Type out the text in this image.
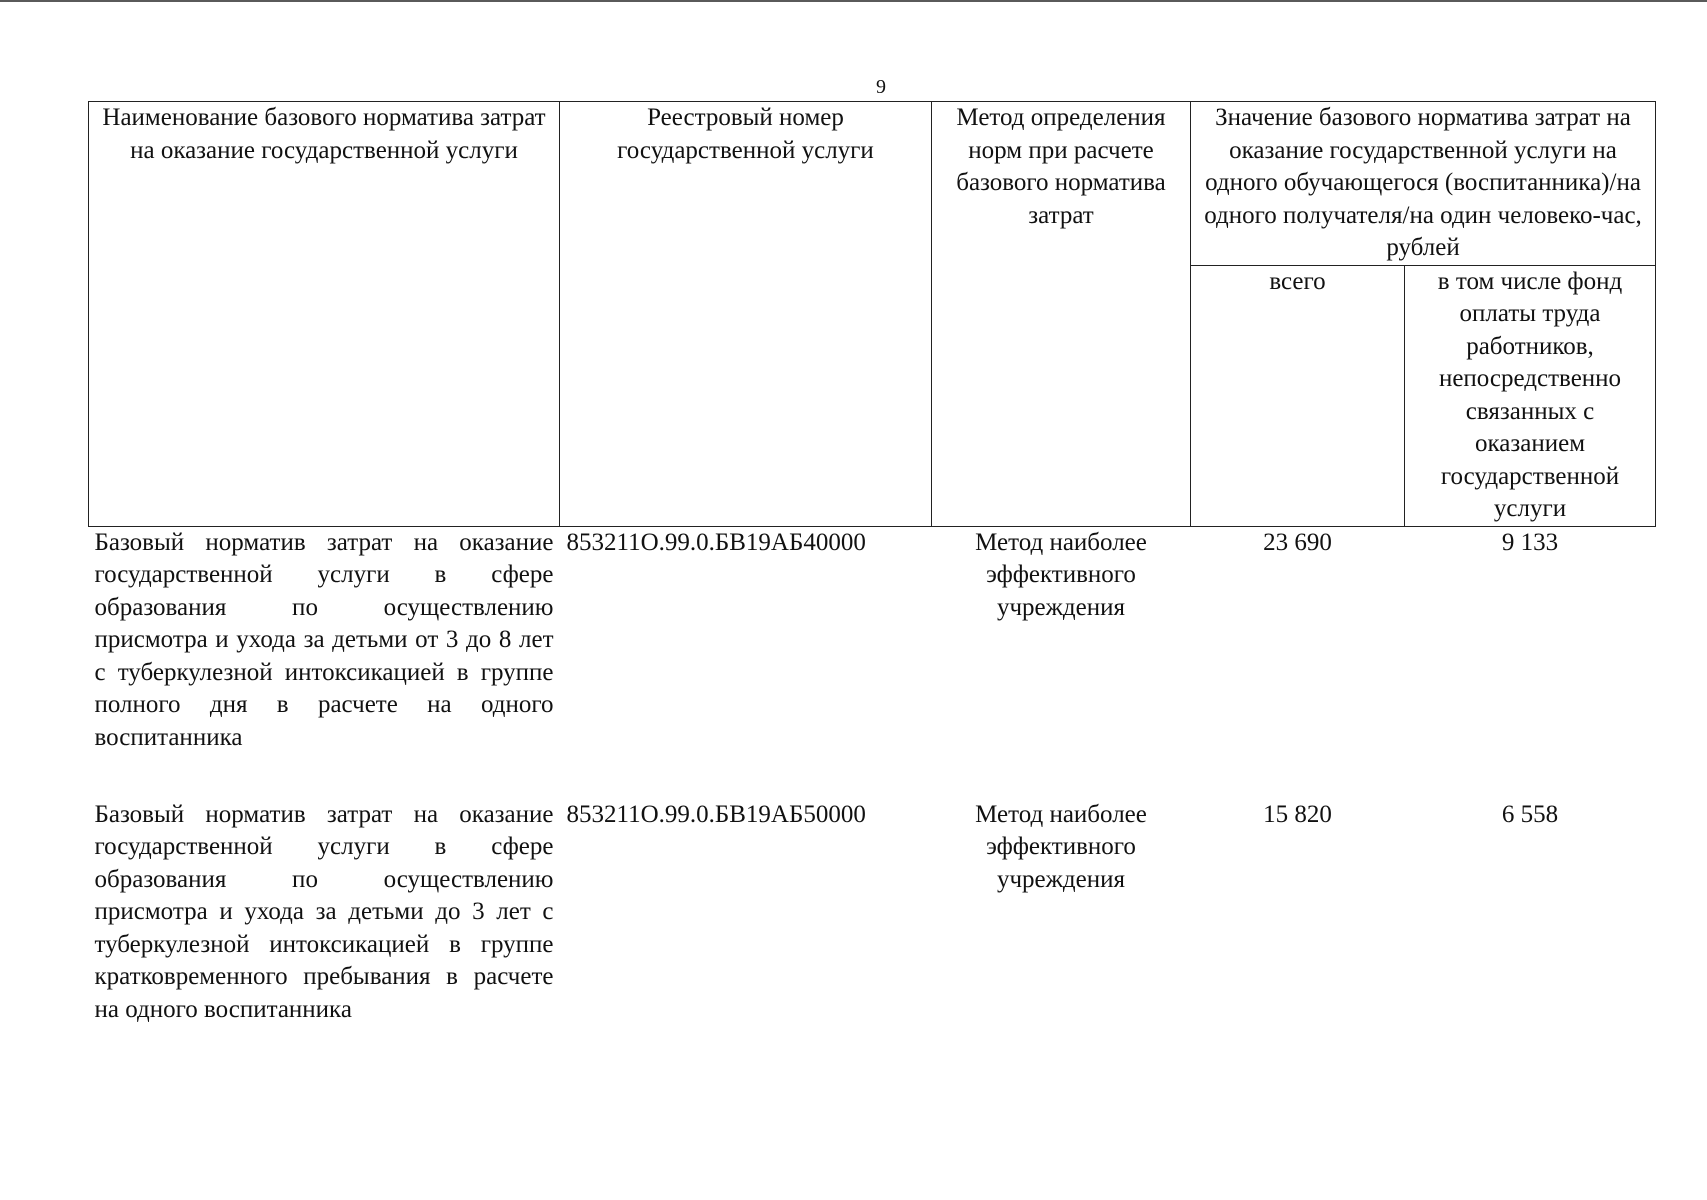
9
Наименование базового норматива затрат на оказание государственной услуги	Реестровый номер государственной услуги	Метод определения норм при расчете базового норматива затрат	Значение базового норматива затрат на оказание государственной услуги на одного обучающегося (воспитанника)/на одного получателя/на один человеко-час, рублей	
			всего	в том числе фонд оплаты труда работников, непосредственно связанных с оказанием государственной услуги
Базовый норматив затрат на оказание государственной услуги в сфере образования по осуществлению присмотра и ухода за детьми от 3 до 8 лет с туберкулезной интоксикацией в группе полного дня в расчете на одного воспитанника	853211О.99.0.БВ19АБ40000	Метод наиболее эффективного учреждения	23 690	9 133
Базовый норматив затрат на оказание государственной услуги в сфере образования по осуществлению присмотра и ухода за детьми до 3 лет с туберкулезной интоксикацией в группе кратковременного пребывания в расчете на одного воспитанника	853211О.99.0.БВ19АБ50000	Метод наиболее эффективного учреждения	15 820	6 558
